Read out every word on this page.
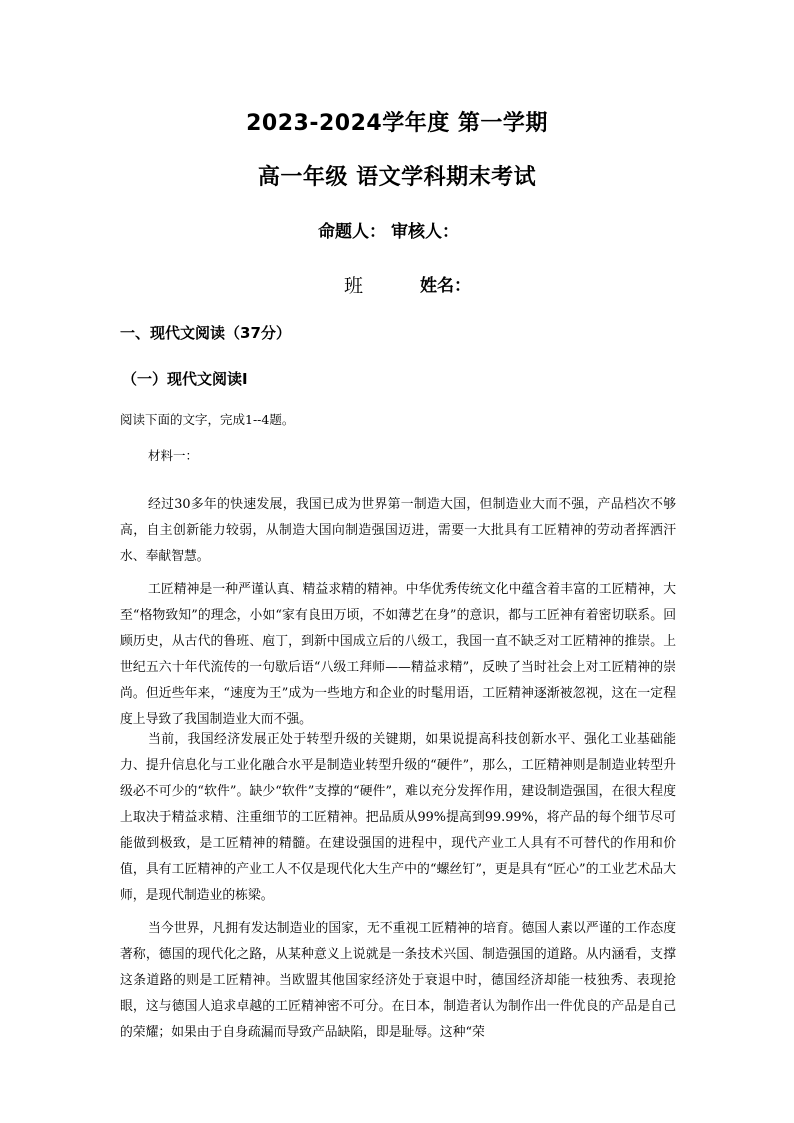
2023-2024学年度 第一学期
高一年级 语文学科期末考试
命题人： 审核人：
班	姓名：
一、现代文阅读（37分）
（一）现代文阅读Ⅰ
阅读下面的文字，完成1--4题。
材料一：

经过30多年的快速发展，我国已成为世界第一制造大国，但制造业大而不强，产品档次不够高，自主创新能力较弱，从制造大国向制造强国迈进，需要一大批具有工匠精神的劳动者挥洒汗水、奉献智慧。

工匠精神是一种严谨认真、精益求精的精神。中华优秀传统文化中蕴含着丰富的工匠精神，大至“格物致知”的理念，小如“家有良田万顷，不如薄艺在身”的意识，都与工匠神有着密切联系。回顾历史，从古代的鲁班、庖丁，到新中国成立后的八级工，我国一直不缺乏对工匠精神的推崇。上世纪五六十年代流传的一句歇后语“八级工拜师——精益求精”，反映了当时社会上对工匠精神的崇尚。但近些年来，“速度为王”成为一些地方和企业的时髦用语，工匠精神逐渐被忽视，这在一定程度上导致了我国制造业大而不强。

当前，我国经济发展正处于转型升级的关键期，如果说提高科技创新水平、强化工业基础能力、提升信息化与工业化融合水平是制造业转型升级的“硬件”，那么，工匠精神则是制造业转型升级必不可少的“软件”。缺少“软件”支撑的“硬件”，难以充分发挥作用，建设制造强国，在很大程度上取决于精益求精、注重细节的工匠精神。把品质从99%提高到99.99%，将产品的每个细节尽可能做到极致，是工匠精神的精髓。在建设强国的进程中，现代产业工人具有不可替代的作用和价值，具有工匠精神的产业工人不仅是现代化大生产中的“螺丝钉”，更是具有“匠心”的工业艺术品大师，是现代制造业的栋梁。

当今世界，凡拥有发达制造业的国家，无不重视工匠精神的培育。德国人素以严谨的工作态度著称，德国的现代化之路，从某种意义上说就是一条技术兴国、制造强国的道路。从内涵看，支撑这条道路的则是工匠精神。当欧盟其他国家经济处于衰退中时，德国经济却能一枝独秀、表现抢眼，这与德国人追求卓越的工匠精神密不可分。在日本，制造者认为制作出一件优良的产品是自己的荣耀；如果由于自身疏漏而导致产品缺陷，即是耻辱。这种“荣
